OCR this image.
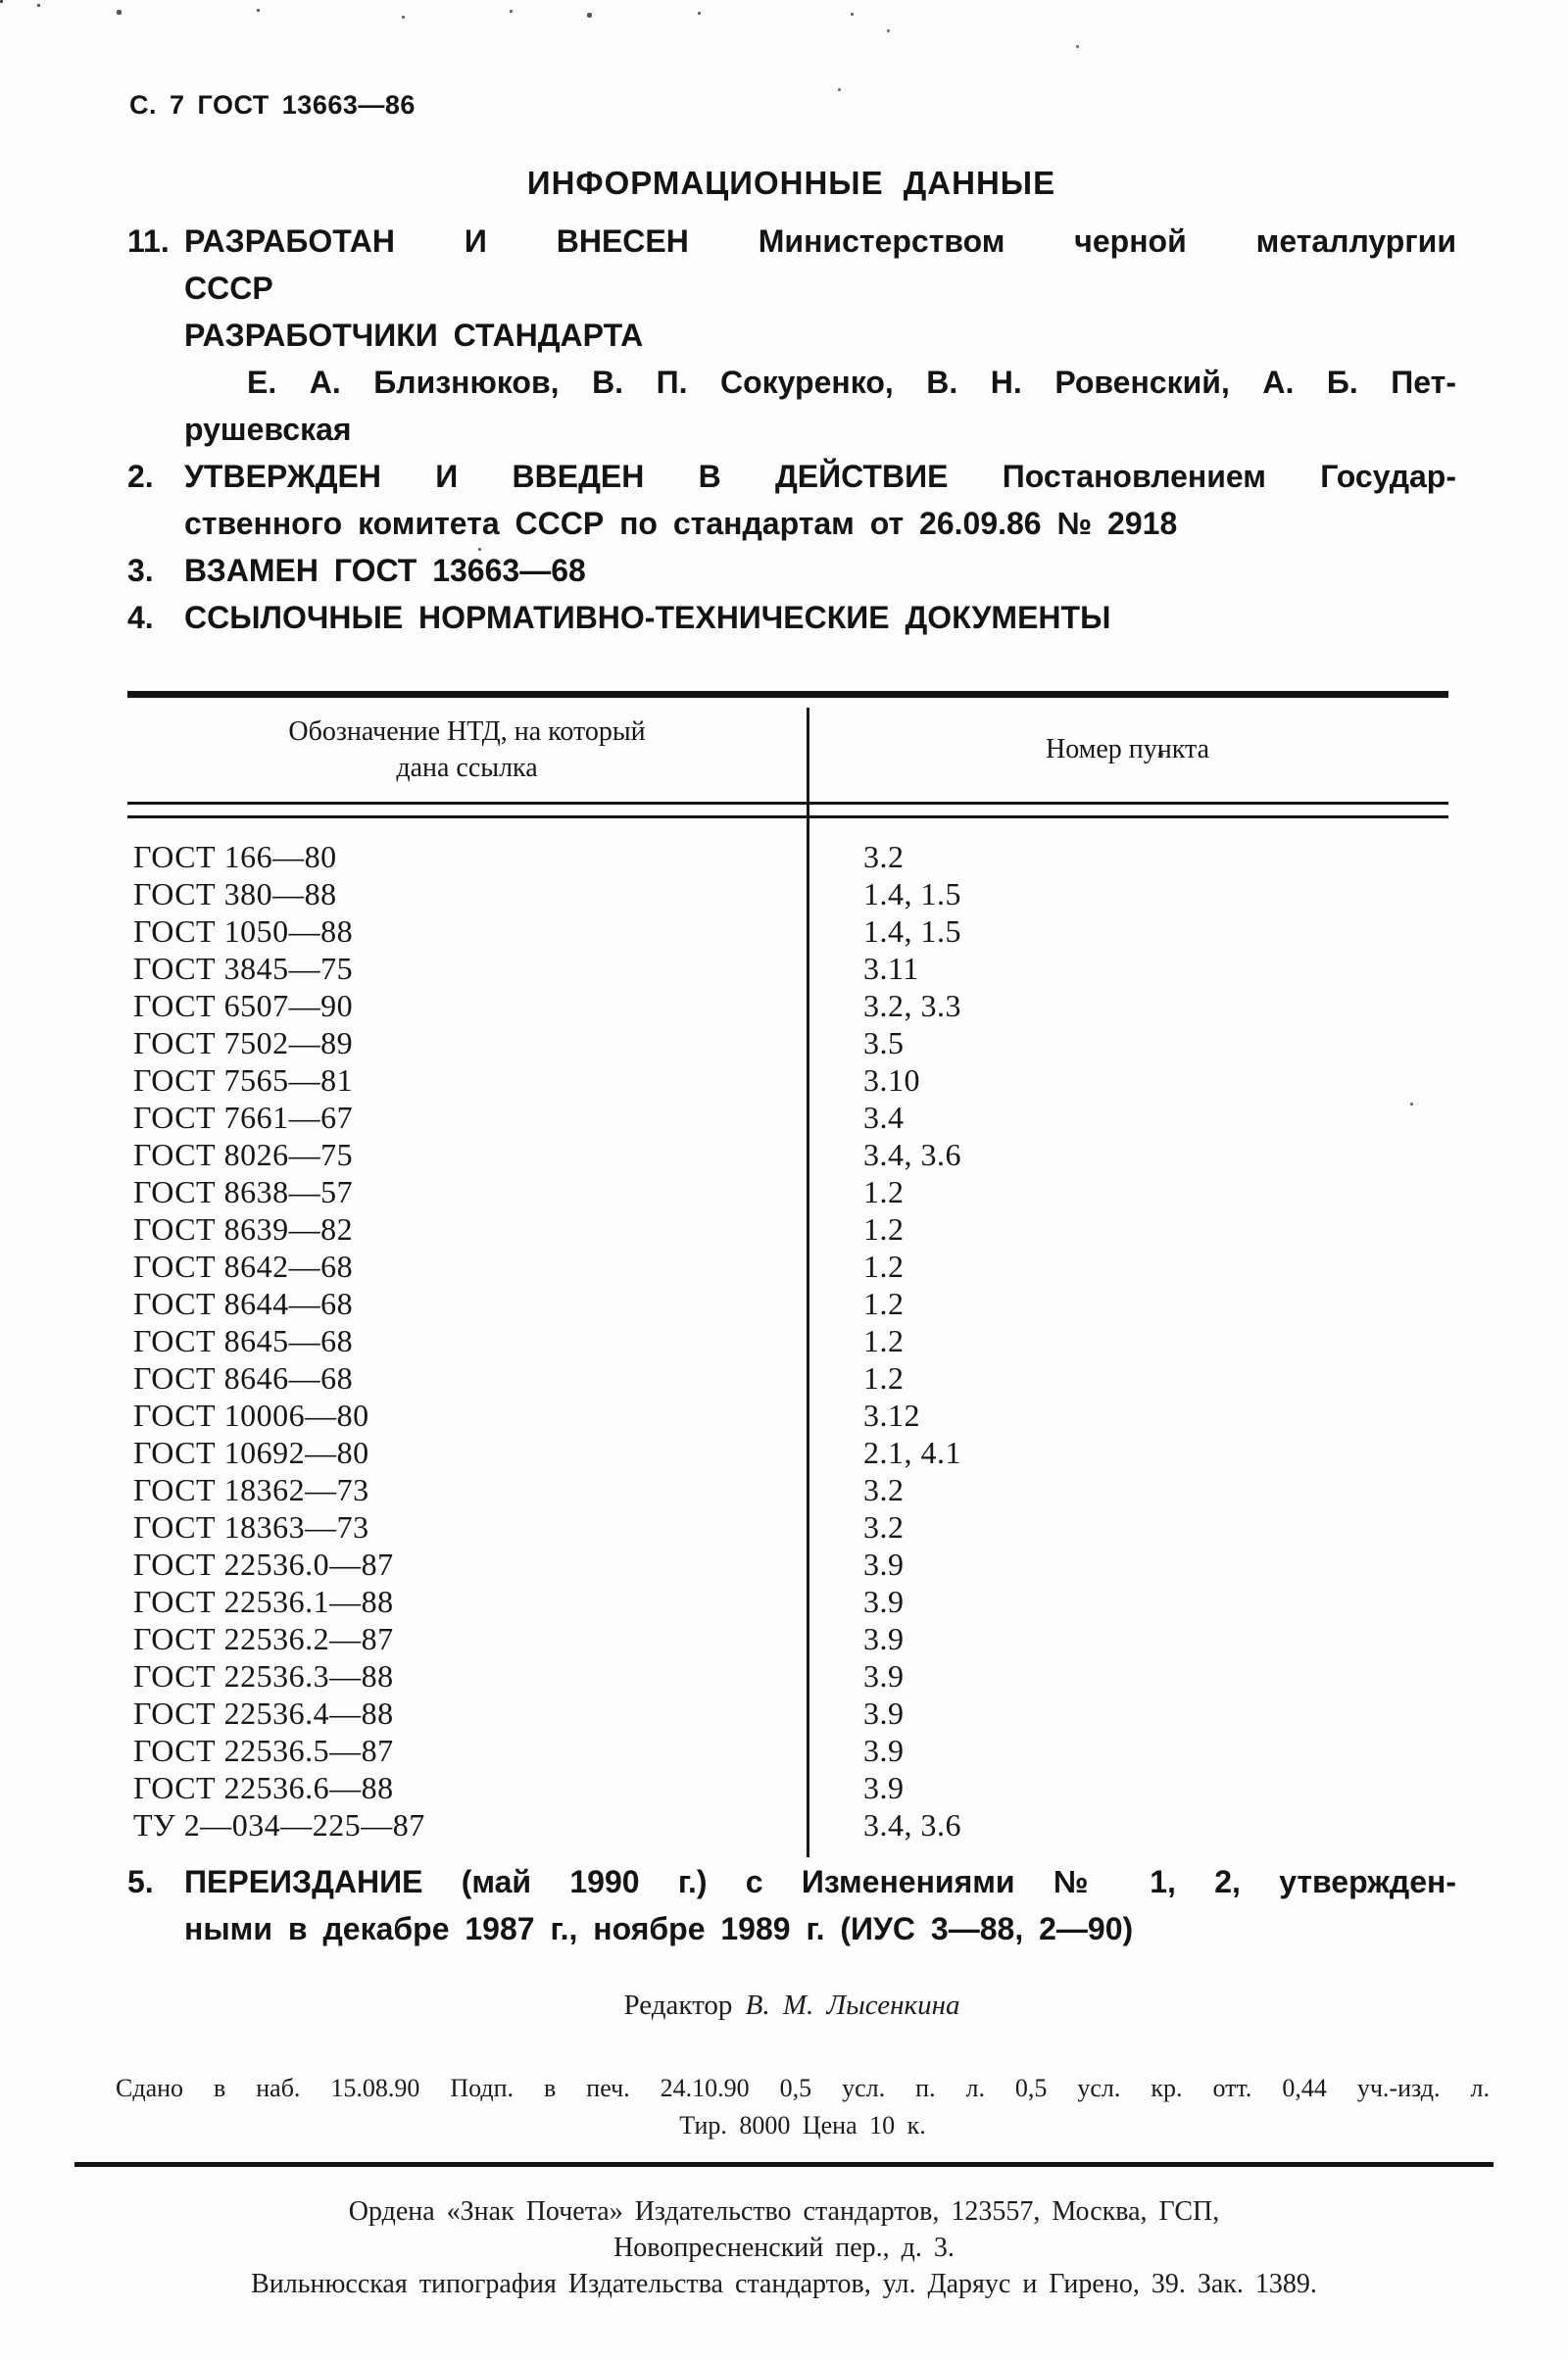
С. 7 ГОСТ 13663—86
ИНФОРМАЦИОННЫЕ ДАННЫЕ
11. РАЗРАБОТАН И ВНЕСЕН Министерством черной металлургии
СССР
РАЗРАБОТЧИКИ СТАНДАРТА
Е. А. Близнюков, В. П. Сокуренко, В. Н. Ровенский, А. Б. Пет-
рушевская
2. УТВЕРЖДЕН И ВВЕДЕН В ДЕЙСТВИЕ Постановлением Государ-
ственного комитета СССР по стандартам от 26.09.86 № 2918
3. ВЗАМЕН ГОСТ 13663—68
4. ССЫЛОЧНЫЕ НОРМАТИВНО-ТЕХНИЧЕСКИЕ ДОКУМЕНТЫ
Обозначение НТД, на который
дана ссылка
Номер пункта
ГОСТ 166—80	3.2
ГОСТ 380—88	1.4, 1.5
ГОСТ 1050—88	1.4, 1.5
ГОСТ 3845—75	3.11
ГОСТ 6507—90	3.2, 3.3
ГОСТ 7502—89	3.5
ГОСТ 7565—81	3.10
ГОСТ 7661—67	3.4
ГОСТ 8026—75	3.4, 3.6
ГОСТ 8638—57	1.2
ГОСТ 8639—82	1.2
ГОСТ 8642—68	1.2
ГОСТ 8644—68	1.2
ГОСТ 8645—68	1.2
ГОСТ 8646—68	1.2
ГОСТ 10006—80	3.12
ГОСТ 10692—80	2.1, 4.1
ГОСТ 18362—73	3.2
ГОСТ 18363—73	3.2
ГОСТ 22536.0—87	3.9
ГОСТ 22536.1—88	3.9
ГОСТ 22536.2—87	3.9
ГОСТ 22536.3—88	3.9
ГОСТ 22536.4—88	3.9
ГОСТ 22536.5—87	3.9
ГОСТ 22536.6—88	3.9
ТУ 2—034—225—87	3.4, 3.6
5. ПЕРЕИЗДАНИЕ (май 1990 г.) с Изменениями № 1, 2, утвержден-
ными в декабре 1987 г., ноябре 1989 г. (ИУС 3—88, 2—90)
Редактор В. М. Лысенкина
Сдано в наб. 15.08.90 Подп. в печ. 24.10.90 0,5 усл. п. л. 0,5 усл. кр. отт. 0,44 уч.-изд. л.
Тир. 8000 Цена 10 к.
Ордена «Знак Почета» Издательство стандартов, 123557, Москва, ГСП,
Новопресненский пер., д. 3.
Вильнюсская типография Издательства стандартов, ул. Даряус и Гирено, 39. Зак. 1389.
